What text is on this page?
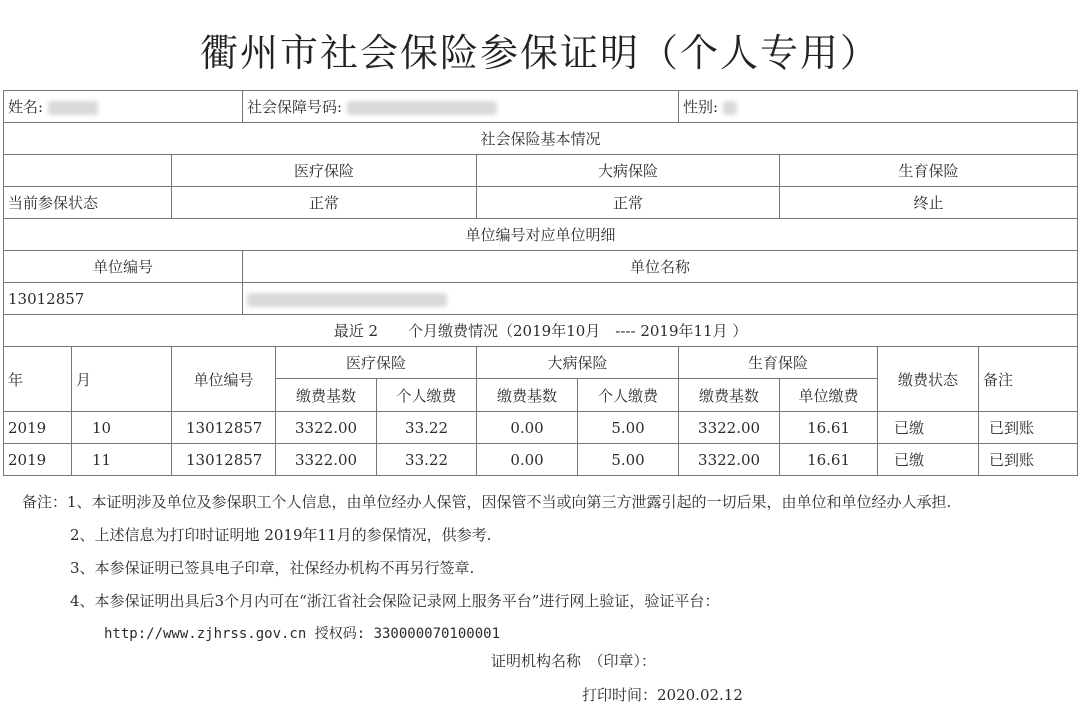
衢州市社会保险参保证明（个人专用）
姓名:			社会保障号码:					性别:			
社会保险基本情况											
		医疗保险				大病保险			生育保险		
当前参保状态		正常				正常			终止		
单位编号对应单位明细											
单位编号			单位名称								
13012857											
最近 2　　个月缴费情况（2019年10月　---- 2019年11月 ）											
年	月	单位编号		医疗保险		大病保险		生育保险		缴费状态	备注
				缴费基数	个人缴费	缴费基数	个人缴费	缴费基数	单位缴费		
2019	10	13012857		3322.00	33.22	0.00	5.00	3322.00	16.61	已缴	已到账
2019	11	13012857		3322.00	33.22	0.00	5.00	3322.00	16.61	已缴	已到账
备注：1、本证明涉及单位及参保职工个人信息，由单位经办人保管，因保管不当或向第三方泄露引起的一切后果，由单位和单位经办人承担.
2、上述信息为打印时证明地 2019年11月的参保情况，供参考.
3、本参保证明已签具电子印章，社保经办机构不再另行签章.
4、本参保证明出具后3个月内可在“浙江省社会保险记录网上服务平台”进行网上验证，验证平台：
http://www.zjhrss.gov.cn 授权码: 330000070100001
证明机构名称　（印章）：
打印时间：2020.02.12
